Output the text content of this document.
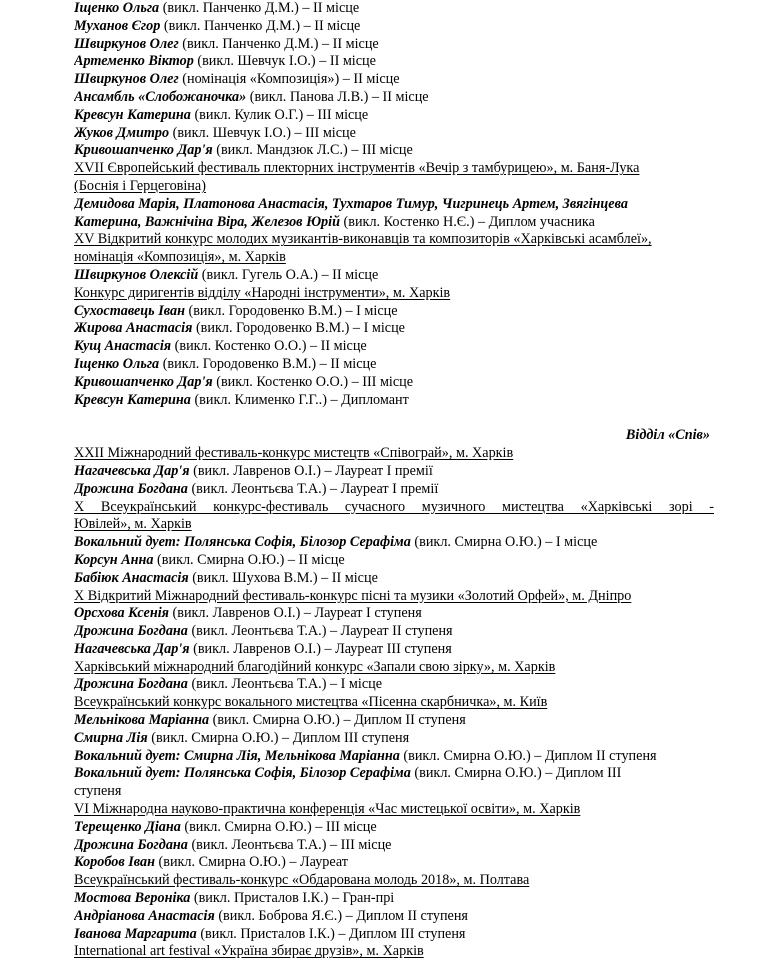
Іщенко Ольга (викл. Панченко Д.М.) – ІІ місце
Муханов Єгор (викл. Панченко Д.М.) – ІІ місце
Швиркунов Олег (викл. Панченко Д.М.) – ІІ місце
Артеменко Віктор (викл. Шевчук І.О.) – ІІ місце
Швиркунов Олег (номінація «Композиція») – ІІ місце
Ансамбль «Слобожаночка» (викл. Панова Л.В.) – ІІ місце
Кревсун Катерина (викл. Кулик О.Г.) – ІІІ місце
Жуков Дмитро (викл. Шевчук І.О.) – ІІІ місце
Кривошапченко Дар'я (викл. Мандзюк Л.С.) – ІІІ місце
XVII Європейський фестиваль плекторних інструментів «Вечір з тамбурицею», м. Баня-Лука
(Боснія і Герцеговіна)
Демидова Марія, Платонова Анастасія, Тухтаров Тимур, Чигринець Артем, Звягінцева
Катерина, Важнічіна Віра, Железов Юрій (викл. Костенко Н.Є.) – Диплом учасника
XV Відкритий конкурс молодих музикантів-виконавців та композиторів «Харківські асамблеї»,
номінація «Композиція», м. Харків
Швиркунов Олексій (викл. Гугель О.А.) – ІІ місце
Конкурс диригентів відділу «Народні інструменти», м. Харків
Сухоставець Іван (викл. Городовенко В.М.) – І місце
Жирова Анастасія (викл. Городовенко В.М.) – І місце
Кущ Анастасія (викл. Костенко О.О.) – ІІ місце
Іщенко Ольга (викл. Городовенко В.М.) – ІІ місце
Кривошапченко Дар'я (викл. Костенко О.О.) – ІІІ місце
Кревсун Катерина (викл. Клименко Г.Г..) – Дипломант
Відділ «Спів»
XXII Міжнародний фестиваль-конкурс мистецтв «Співограй», м. Харків
Нагачевська Дар'я (викл. Лавренов О.І.) – Лауреат І премії
Дрожина Богдана (викл. Леонтьєва Т.А.) – Лауреат І премії
X Всеукраїнський конкурс-фестиваль сучасного музичного мистецтва «Харківські зорі -
Ювілей», м. Харків
Вокальний дует: Полянська Софія, Білозор Серафіма (викл. Смирна О.Ю.) – І місце
Корсун Анна (викл. Смирна О.Ю.) – ІІ місце
Бабіюк Анастасія (викл. Шухова В.М.) – ІІ місце
X Відкритий Міжнародний фестиваль-конкурс пісні та музики «Золотий Орфей», м. Дніпро
Орсхова Ксенія (викл. Лавренов О.І.) – Лауреат І ступеня
Дрожина Богдана (викл. Леонтьєва Т.А.) – Лауреат ІІ ступеня
Нагачевська Дар'я (викл. Лавренов О.І.) – Лауреат ІІІ ступеня
Харківський міжнародний благодійний конкурс «Запали свою зірку», м. Харків
Дрожина Богдана (викл. Леонтьєва Т.А.) – І місце
Всеукраїнський конкурс вокального мистецтва «Пісенна скарбничка», м. Київ
Мельнікова Маріанна (викл. Смирна О.Ю.) – Диплом ІІ ступеня
Смирна Лія (викл. Смирна О.Ю.) – Диплом ІІІ ступеня
Вокальний дует: Смирна Лія, Мельнікова Маріанна (викл. Смирна О.Ю.) – Диплом ІІ ступеня
Вокальний дует: Полянська Софія, Білозор Серафіма (викл. Смирна О.Ю.) – Диплом ІІІ
ступеня
VI Міжнародна науково-практична конференція «Час мистецької освіти», м. Харків
Терещенко Діана (викл. Смирна О.Ю.) – ІІІ місце
Дрожина Богдана (викл. Леонтьєва Т.А.) – ІІІ місце
Коробов Іван (викл. Смирна О.Ю.) – Лауреат
Всеукраїнський фестиваль-конкурс «Обдарована молодь 2018», м. Полтава
Мостова Вероніка (викл. Присталов І.К.) – Гран-прі
Андріанова Анастасія (викл. Боброва Я.Є.) – Диплом ІІ ступеня
Іванова Маргарита (викл. Присталов І.К.) – Диплом ІІІ ступеня
International art festival «Україна збирає друзів», м. Харків
